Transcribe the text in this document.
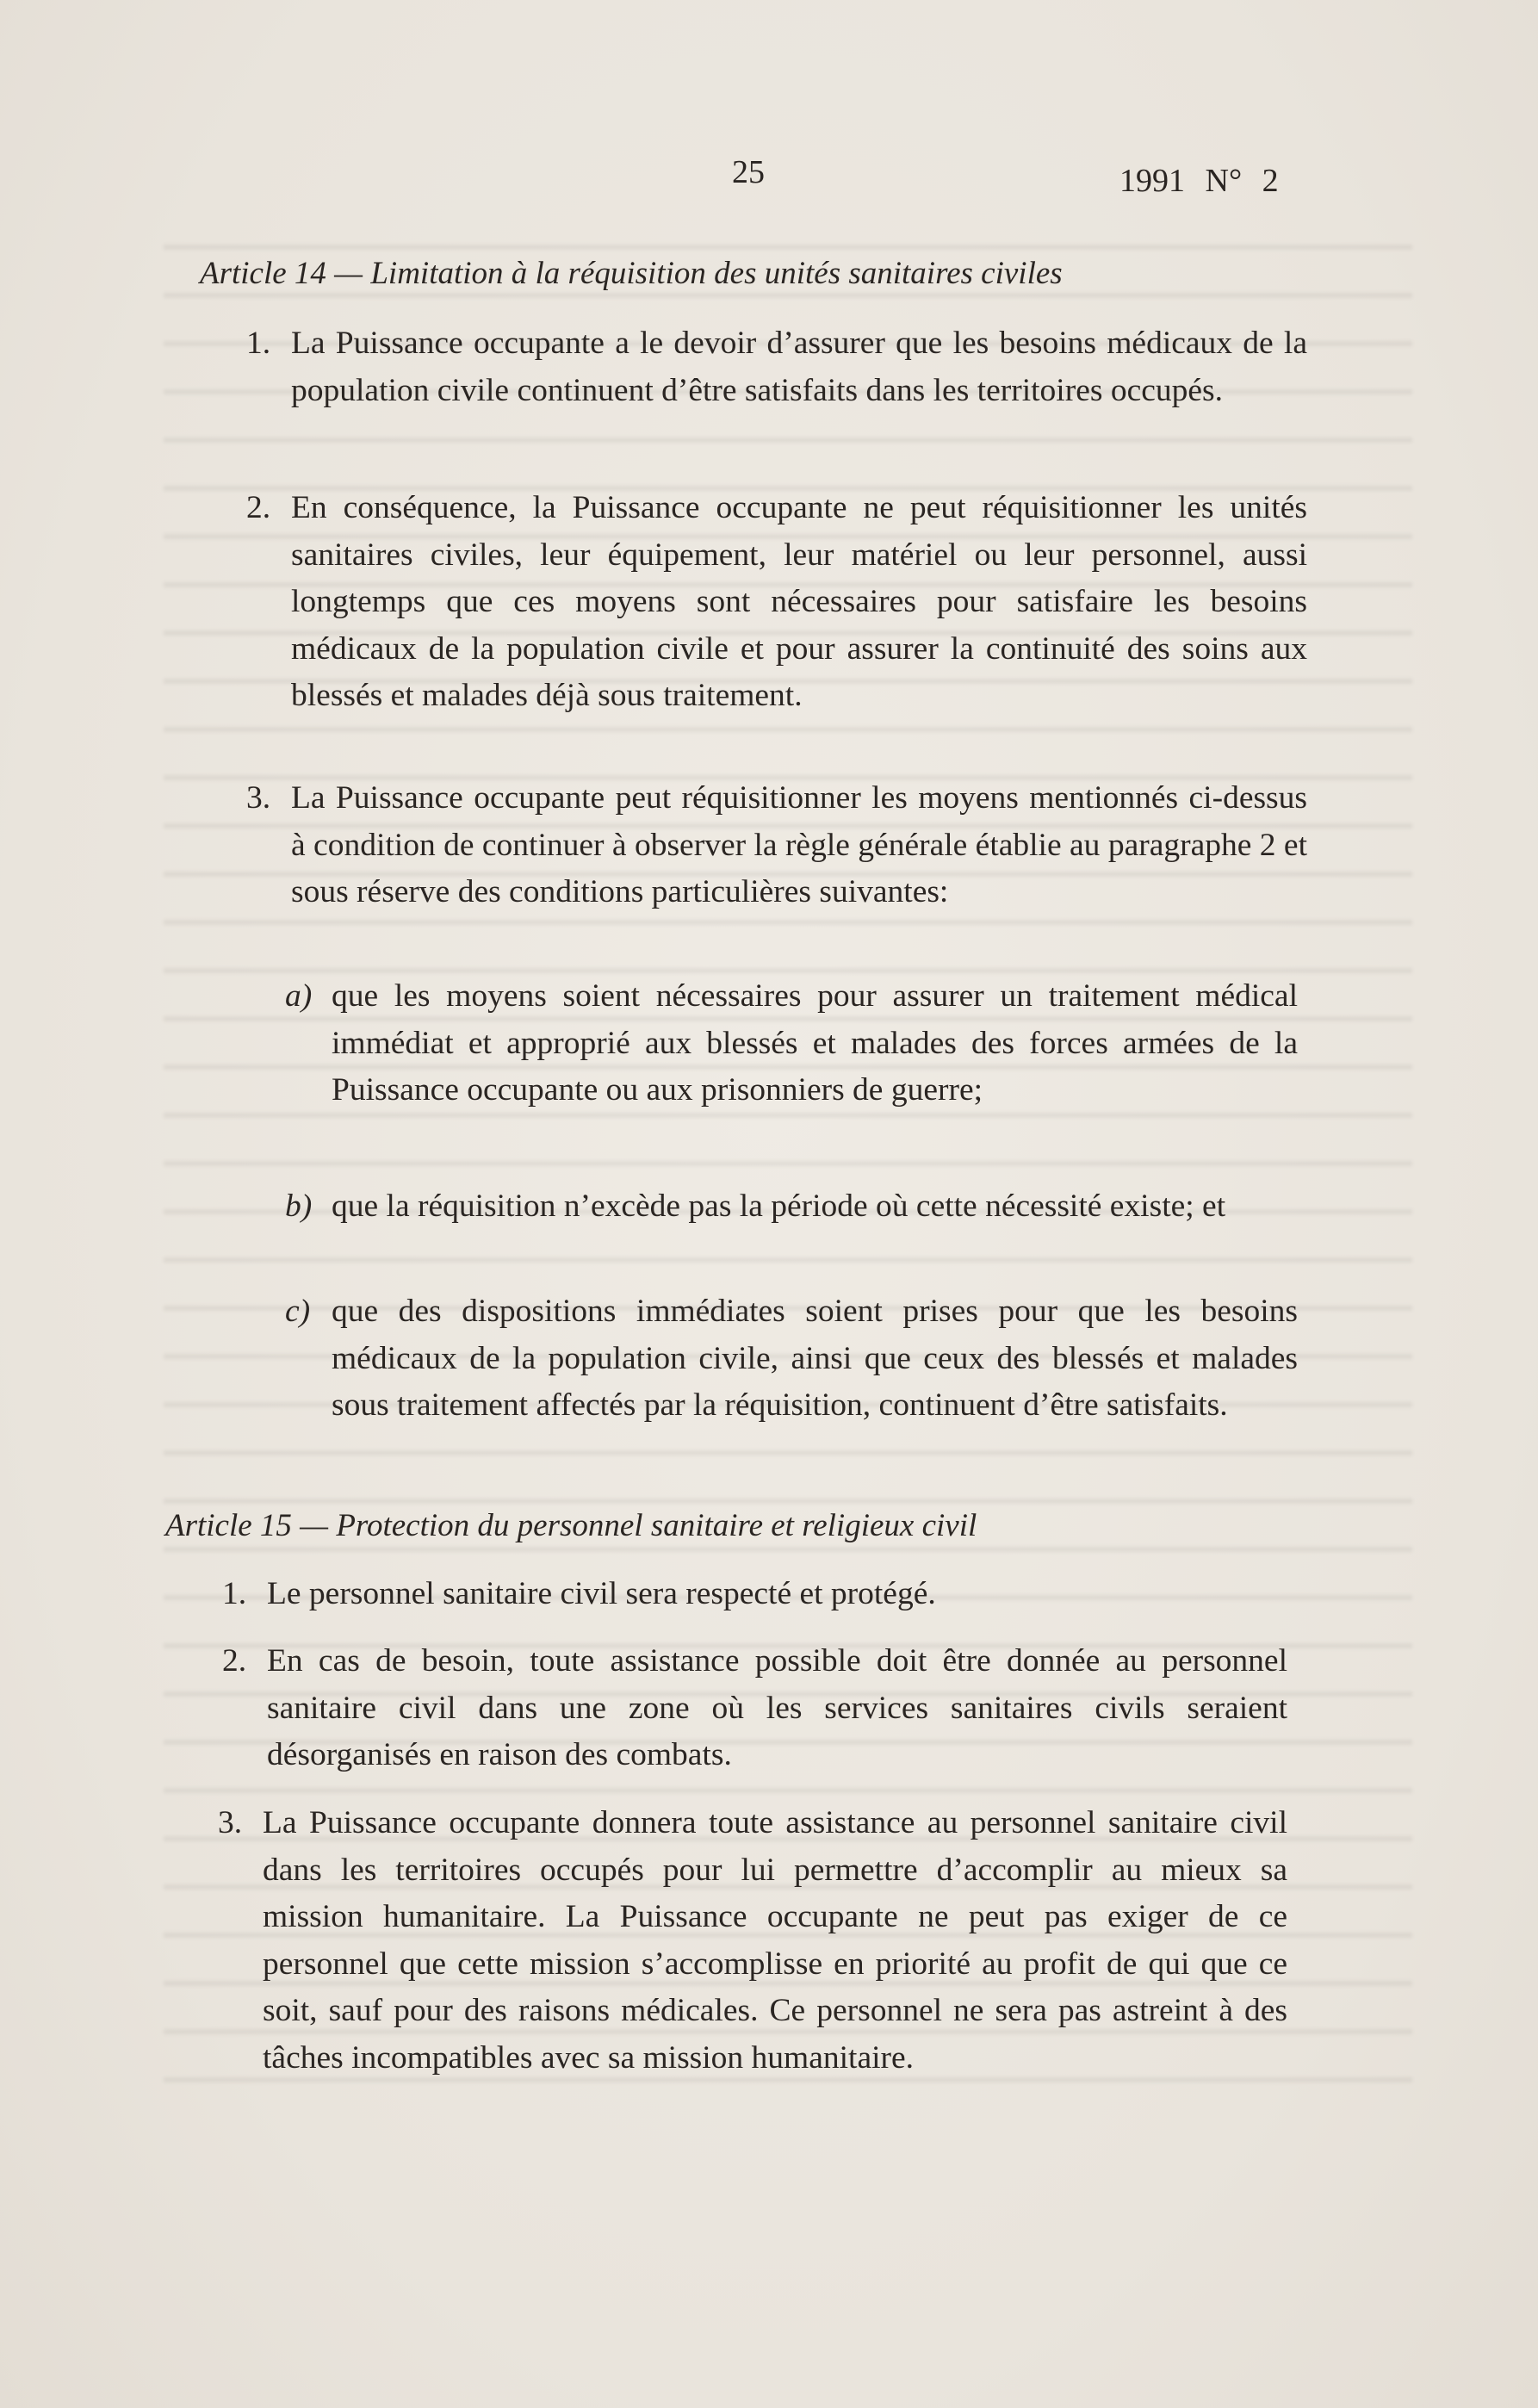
25	1991 N° 2
Article 14 — Limitation à la réquisition des unités sanitaires civiles
1. La Puissance occupante a le devoir d’assurer que les besoins médicaux de la population civile continuent d’être satisfaits dans les territoires occupés.
2. En conséquence, la Puissance occupante ne peut réquisitionner les unités sanitaires civiles, leur équipement, leur matériel ou leur personnel, aussi longtemps que ces moyens sont nécessaires pour satisfaire les besoins médicaux de la population civile et pour assurer la continuité des soins aux blessés et malades déjà sous traitement.
3. La Puissance occupante peut réquisitionner les moyens mentionnés ci-dessus à condition de continuer à observer la règle générale établie au paragraphe 2 et sous réserve des conditions particulières suivantes:
a) que les moyens soient nécessaires pour assurer un traitement médical immédiat et approprié aux blessés et malades des forces armées de la Puissance occupante ou aux prisonniers de guerre;
b) que la réquisition n’excède pas la période où cette nécessité existe; et
c) que des dispositions immédiates soient prises pour que les besoins médicaux de la population civile, ainsi que ceux des blessés et malades sous traitement affectés par la réquisition, continuent d’être satisfaits.
Article 15 — Protection du personnel sanitaire et religieux civil
1. Le personnel sanitaire civil sera respecté et protégé.
2. En cas de besoin, toute assistance possible doit être donnée au personnel sanitaire civil dans une zone où les services sanitaires civils seraient désorganisés en raison des combats.
3. La Puissance occupante donnera toute assistance au personnel sanitaire civil dans les territoires occupés pour lui permettre d’accomplir au mieux sa mission humanitaire. La Puissance occupante ne peut pas exiger de ce personnel que cette mission s’accomplisse en priorité au profit de qui que ce soit, sauf pour des raisons médicales. Ce personnel ne sera pas astreint à des tâches incompatibles avec sa mission humanitaire.
